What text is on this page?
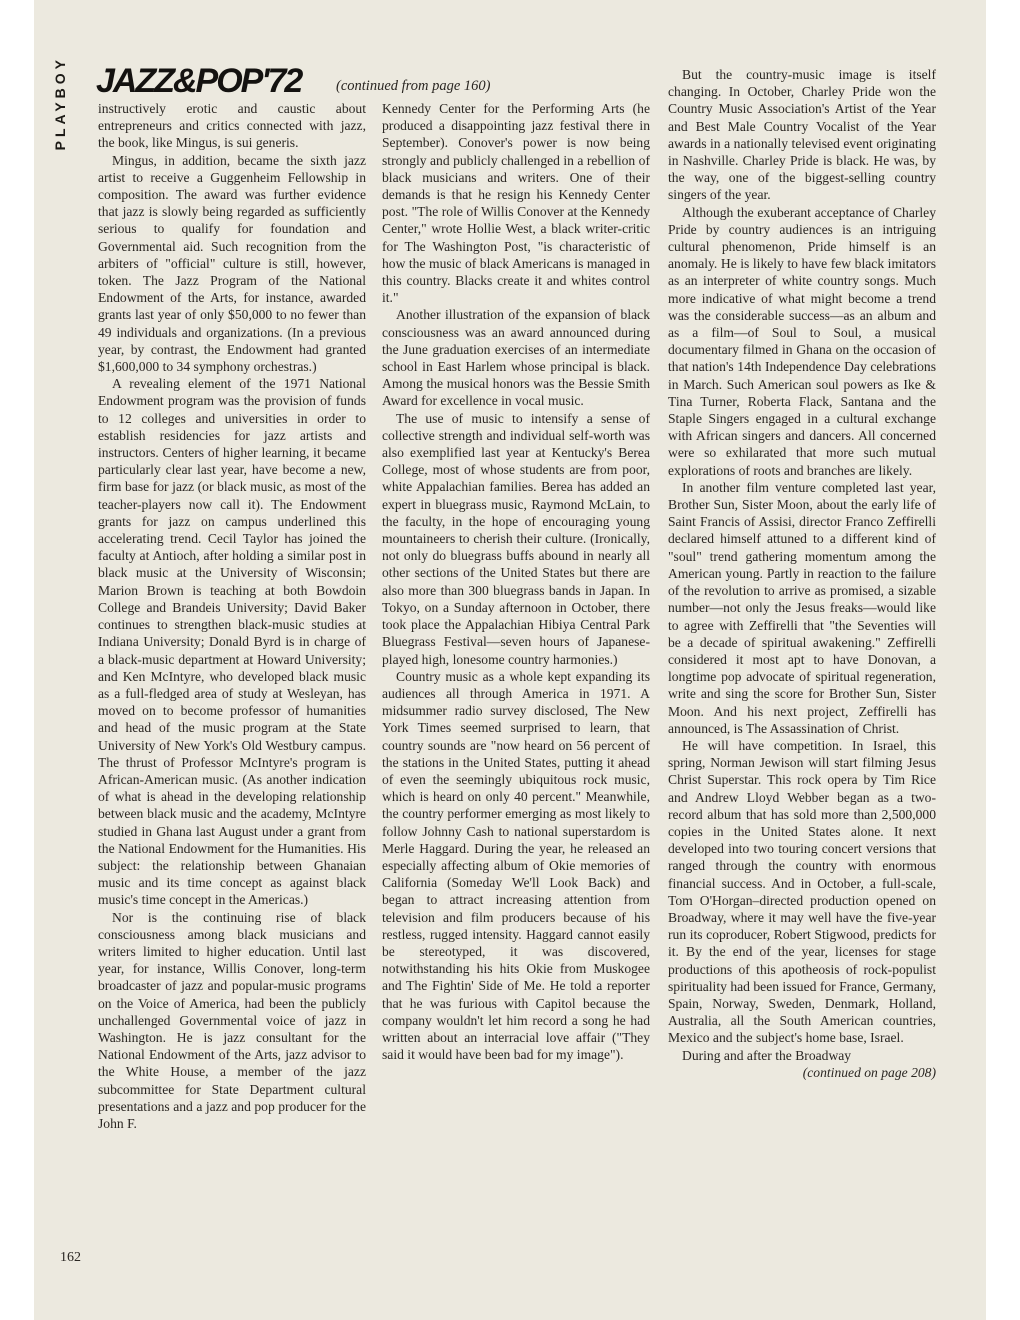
PLAYBOY JAZZ&POP'72 (continued from page 160)

instructively erotic and caustic about entrepreneurs and critics connected with jazz, the book, like Mingus, is sui generis.

Mingus, in addition, became the sixth jazz artist to receive a Guggenheim Fellowship in composition. The award was further evidence that jazz is slowly being regarded as sufficiently serious to qualify for foundation and Governmental aid. Such recognition from the arbiters of "official" culture is still, however, token. The Jazz Program of the National Endowment of the Arts, for instance, awarded grants last year of only $50,000 to no fewer than 49 individuals and organizations. (In a previous year, by contrast, the Endowment had granted $1,600,000 to 34 symphony orchestras.)

A revealing element of the 1971 National Endowment program was the provision of funds to 12 colleges and universities in order to establish residencies for jazz artists and instructors. Centers of higher learning, it became particularly clear last year, have become a new, firm base for jazz (or black music, as most of the teacher-players now call it). The Endowment grants for jazz on campus underlined this accelerating trend. Cecil Taylor has joined the faculty at Antioch, after holding a similar post in black music at the University of Wisconsin; Marion Brown is teaching at both Bowdoin College and Brandeis University; David Baker continues to strengthen black-music studies at Indiana University; Donald Byrd is in charge of a black-music department at Howard University; and Ken McIntyre, who developed black music as a full-fledged area of study at Wesleyan, has moved on to become professor of humanities and head of the music program at the State University of New York's Old Westbury campus. The thrust of Professor McIntyre's program is African-American music. (As another indication of what is ahead in the developing relationship between black music and the academy, McIntyre studied in Ghana last August under a grant from the National Endowment for the Humanities. His subject: the relationship between Ghanaian music and its time concept as against black music's time concept in the Americas.)

Nor is the continuing rise of black consciousness among black musicians and writers limited to higher education. Until last year, for instance, Willis Conover, long-term broadcaster of jazz and popular-music programs on the Voice of America, had been the publicly unchallenged Governmental voice of jazz in Washington. He is jazz consultant for the National Endowment of the Arts, jazz advisor to the White House, a member of the jazz subcommittee for State Department cultural presentations and a jazz and pop producer for the John F.

Kennedy Center for the Performing Arts (he produced a disappointing jazz festival there in September). Conover's power is now being strongly and publicly challenged in a rebellion of black musicians and writers. One of their demands is that he resign his Kennedy Center post. "The role of Willis Conover at the Kennedy Center," wrote Hollie West, a black writer-critic for The Washington Post, "is characteristic of how the music of black Americans is managed in this country. Blacks create it and whites control it."

Another illustration of the expansion of black consciousness was an award announced during the June graduation exercises of an intermediate school in East Harlem whose principal is black. Among the musical honors was the Bessie Smith Award for excellence in vocal music.

The use of music to intensify a sense of collective strength and individual self-worth was also exemplified last year at Kentucky's Berea College, most of whose students are from poor, white Appalachian families. Berea has added an expert in bluegrass music, Raymond McLain, to the faculty, in the hope of encouraging young mountaineers to cherish their culture. (Ironically, not only do bluegrass buffs abound in nearly all other sections of the United States but there are also more than 300 bluegrass bands in Japan. In Tokyo, on a Sunday afternoon in October, there took place the Appalachian Hibiya Central Park Bluegrass Festival—seven hours of Japanese-played high, lonesome country harmonies.)

Country music as a whole kept expanding its audiences all through America in 1971. A midsummer radio survey disclosed, The New York Times seemed surprised to learn, that country sounds are "now heard on 56 percent of the stations in the United States, putting it ahead of even the seemingly ubiquitous rock music, which is heard on only 40 percent." Meanwhile, the country performer emerging as most likely to follow Johnny Cash to national superstardom is Merle Haggard. During the year, he released an especially affecting album of Okie memories of California (Someday We'll Look Back) and began to attract increasing attention from television and film producers because of his restless, rugged intensity. Haggard cannot easily be stereotyped, it was discovered, notwithstanding his hits Okie from Muskogee and The Fightin' Side of Me. He told a reporter that he was furious with Capitol because the company wouldn't let him record a song he had written about an interracial love affair ("They said it would have been bad for my image").

But the country-music image is itself changing. In October, Charley Pride won the Country Music Association's Artist of the Year and Best Male Country Vocalist of the Year awards in a nationally televised event originating in Nashville. Charley Pride is black. He was, by the way, one of the biggest-selling country singers of the year.

Although the exuberant acceptance of Charley Pride by country audiences is an intriguing cultural phenomenon, Pride himself is an anomaly. He is likely to have few black imitators as an interpreter of white country songs. Much more indicative of what might become a trend was the considerable success—as an album and as a film—of Soul to Soul, a musical documentary filmed in Ghana on the occasion of that nation's 14th Independence Day celebrations in March. Such American soul powers as Ike & Tina Turner, Roberta Flack, Santana and the Staple Singers engaged in a cultural exchange with African singers and dancers. All concerned were so exhilarated that more such mutual explorations of roots and branches are likely.

In another film venture completed last year, Brother Sun, Sister Moon, about the early life of Saint Francis of Assisi, director Franco Zeffirelli declared himself attuned to a different kind of "soul" trend gathering momentum among the American young. Partly in reaction to the failure of the revolution to arrive as promised, a sizable number—not only the Jesus freaks—would like to agree with Zeffirelli that "the Seventies will be a decade of spiritual awakening." Zeffirelli considered it most apt to have Donovan, a longtime pop advocate of spiritual regeneration, write and sing the score for Brother Sun, Sister Moon. And his next project, Zeffirelli has announced, is The Assassination of Christ.

He will have competition. In Israel, this spring, Norman Jewison will start filming Jesus Christ Superstar. This rock opera by Tim Rice and Andrew Lloyd Webber began as a two-record album that has sold more than 2,500,000 copies in the United States alone. It next developed into two touring concert versions that ranged through the country with enormous financial success. And in October, a full-scale, Tom O'Horgan–directed production opened on Broadway, where it may well have the five-year run its coproducer, Robert Stigwood, predicts for it. By the end of the year, licenses for stage productions of this apotheosis of rock-populist spirituality had been issued for France, Germany, Spain, Norway, Sweden, Denmark, Holland, Australia, all the South American countries, Mexico and the subject's home base, Israel.

During and after the Broadway

(continued on page 208)

162
